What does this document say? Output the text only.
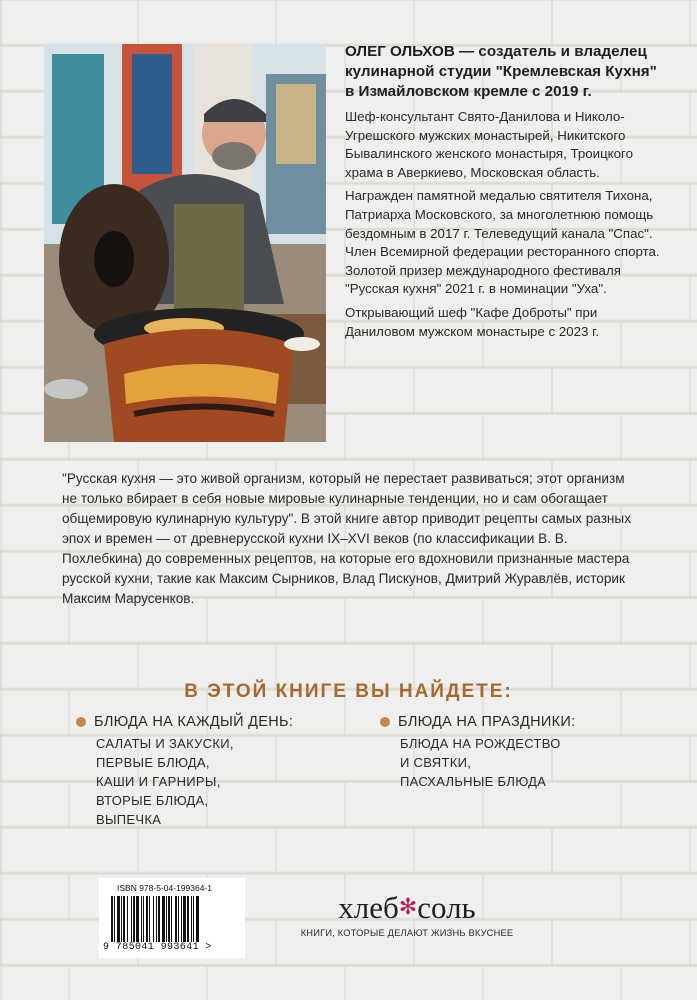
ОЛЕГ ОЛЬХОВ — создатель и владелец кулинарной студии "Кремлевская Кухня" в Измайловском кремле с 2019 г.

Шеф-консультант Свято-Данилова и Николо-Угрешского мужских монастырей, Никитского Бывалинского женского монастыря, Троицкого храма в Аверкиево, Московская область.

Награжден памятной медалью святителя Тихона, Патриарха Московского, за многолетнюю помощь бездомным в 2017 г. Телеведущий канала "Спас". Член Всемирной федерации ресторанного спорта. Золотой призер международного фестиваля "Русская кухня" 2021 г. в номинации "Уха".

Открывающий шеф "Кафе Доброты" при Даниловом мужском монастыре с 2023 г.

"Русская кухня — это живой организм, который не перестает развиваться; этот организм не только вбирает в себя новые мировые кулинарные тенденции, но и сам обогащает общемировую кулинарную культуру". В этой книге автор приводит рецепты самых разных эпох и времен — от древнерусской кухни IX–XVI веков (по классификации В. В. Похлебкина) до современных рецептов, на которые его вдохновили признанные мастера русской кухни, такие как Максим Сырников, Влад Пискунов, Дмитрий Журавлёв, историк Максим Марусенков.

В ЭТОЙ КНИГЕ ВЫ НАЙДЕТЕ:
БЛЮДА НА КАЖДЫЙ ДЕНЬ:
САЛАТЫ И ЗАКУСКИ,
ПЕРВЫЕ БЛЮДА,
КАШИ И ГАРНИРЫ,
ВТОРЫЕ БЛЮДА,
ВЫПЕЧКА
БЛЮДА НА ПРАЗДНИКИ:
БЛЮДА НА РОЖДЕСТВО
И СВЯТКИ,
ПАСХАЛЬНЫЕ БЛЮДА
ISBN 978-5-04-199364-1
9 785041 993641 >
хлеб✻соль
КНИГИ, КОТОРЫЕ ДЕЛАЮТ ЖИЗНЬ ВКУСНЕЕ
